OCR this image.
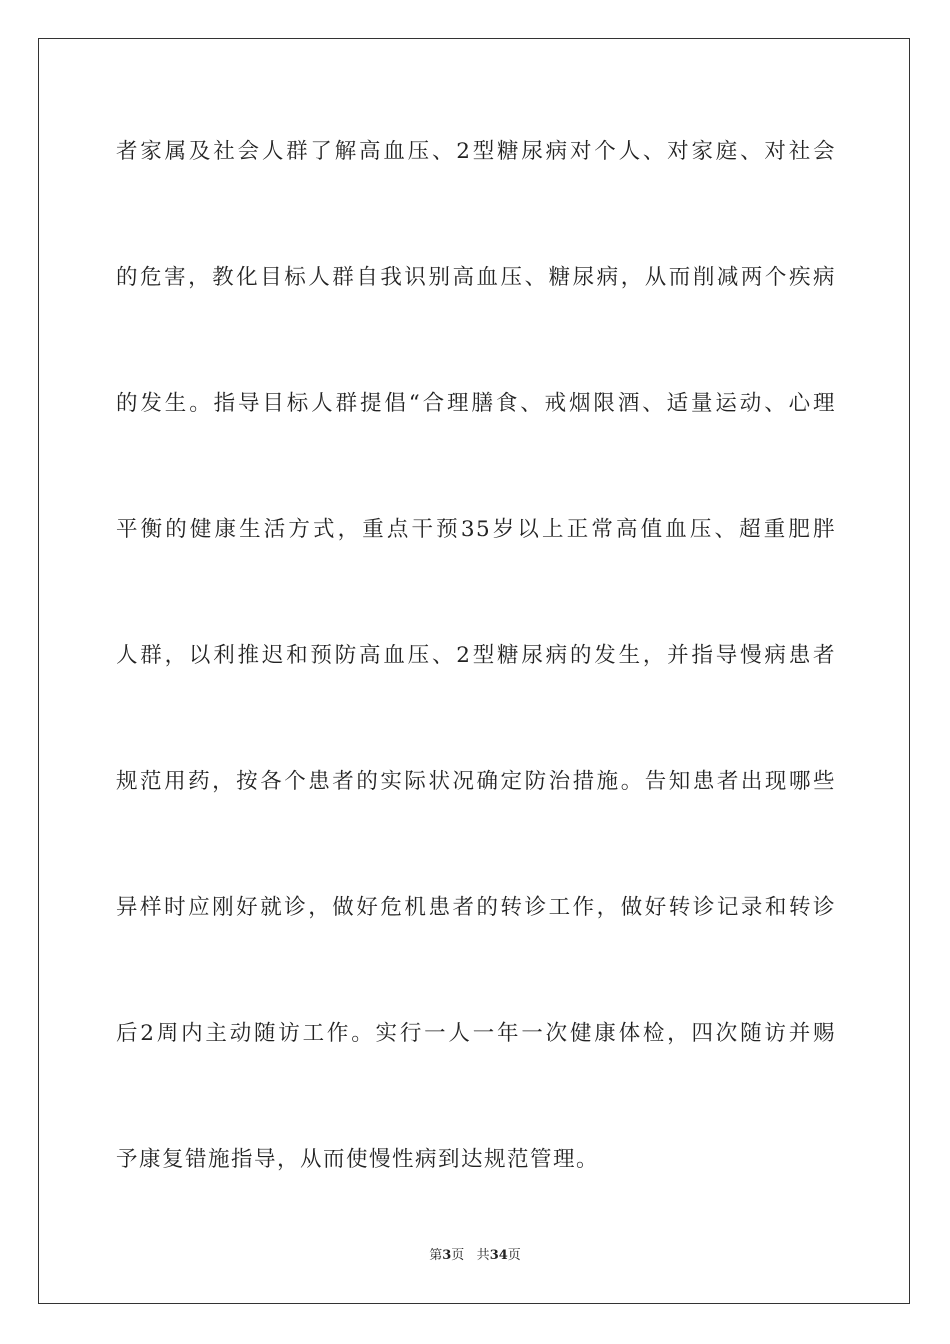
者家属及社会人群了解高血压、2型糖尿病对个人、对家庭、对社会
的危害，教化目标人群自我识别高血压、糖尿病，从而削减两个疾病
的发生。指导目标人群提倡“合理膳食、戒烟限酒、适量运动、心理
平衡的健康生活方式，重点干预35岁以上正常高值血压、超重肥胖
人群，以利推迟和预防高血压、2型糖尿病的发生，并指导慢病患者
规范用药，按各个患者的实际状况确定防治措施。告知患者出现哪些
异样时应刚好就诊，做好危机患者的转诊工作，做好转诊记录和转诊
后2周内主动随访工作。实行一人一年一次健康体检，四次随访并赐
予康复错施指导，从而使慢性病到达规范管理。
第3页 共34页
